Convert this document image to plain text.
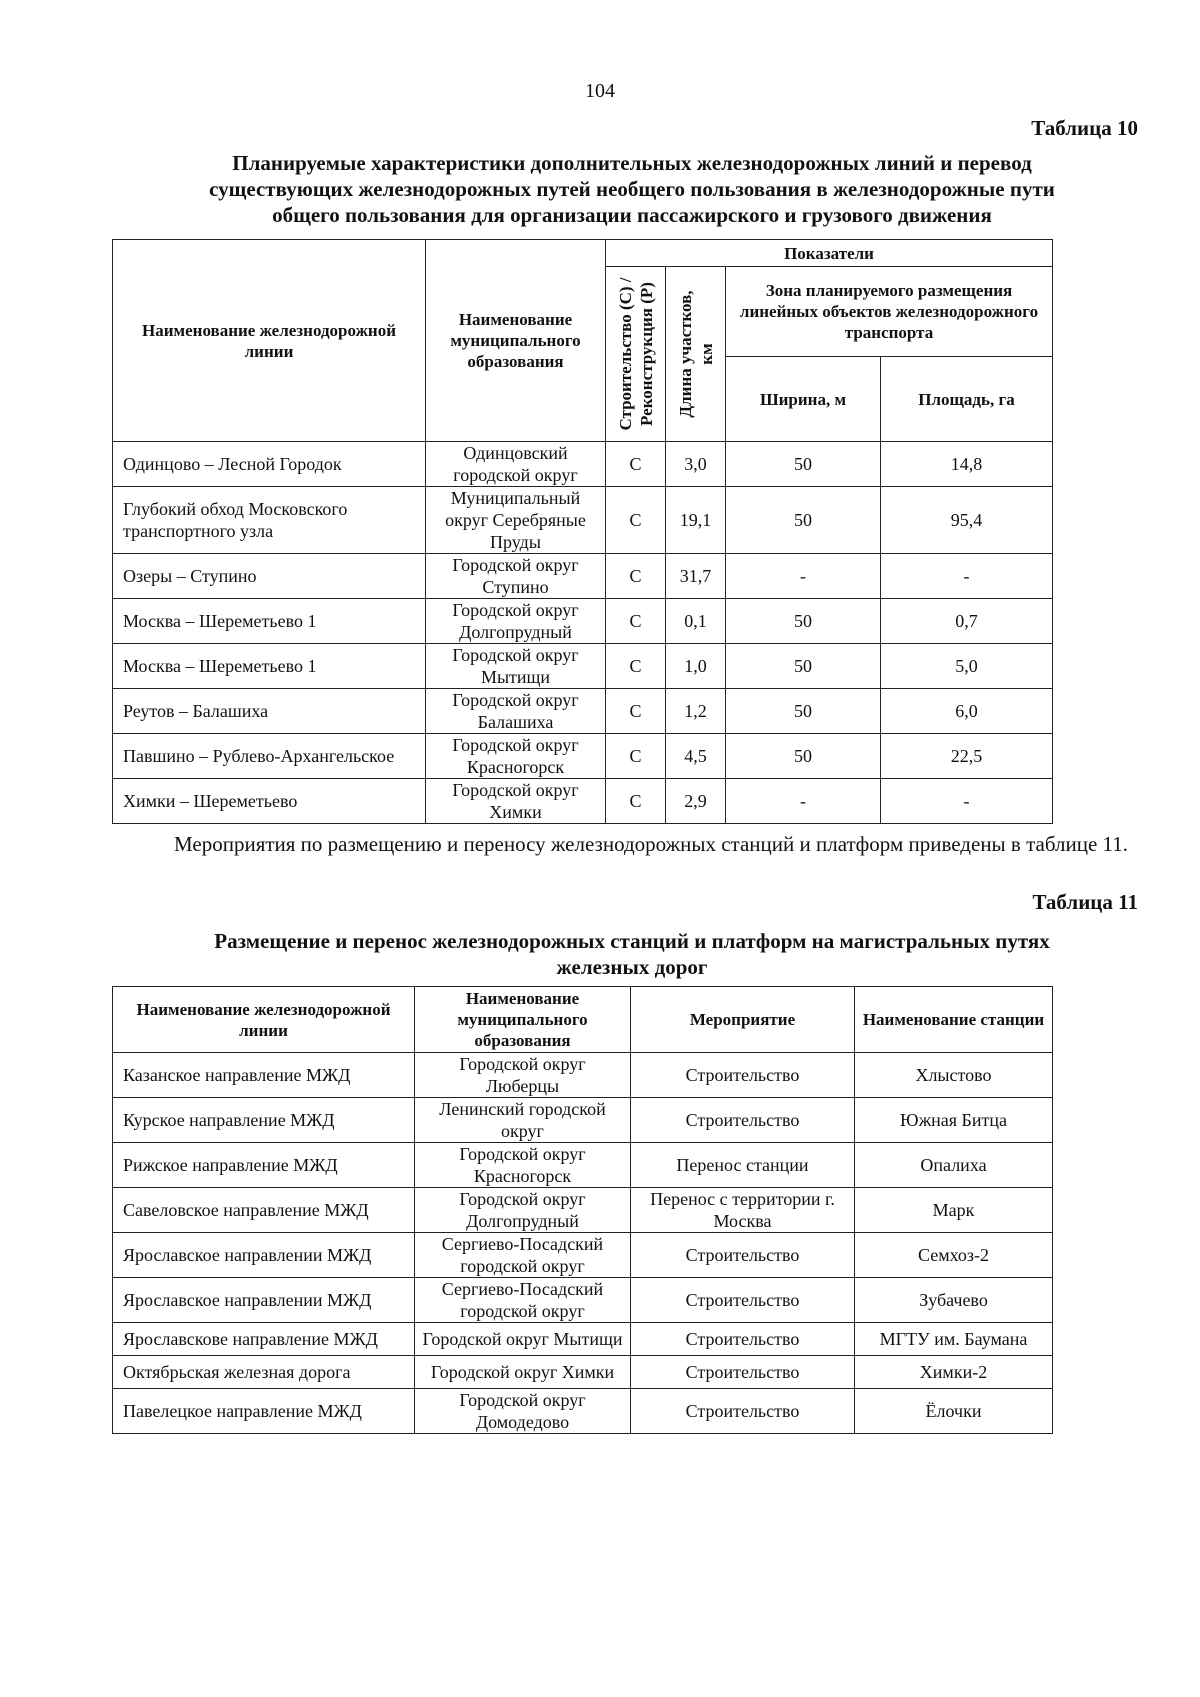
104
Таблица 10
Планируемые характеристики дополнительных железнодорожных линий и перевод
существующих железнодорожных путей необщего пользования в железнодорожные пути
общего пользования для организации пассажирского и грузового движения
Наименование железнодорожной линии	Наименование муниципального образования	Показатели			

		Строительство (С) / Реконструкция (Р)	Длина участков, км	Зона планируемого размещения линейных объектов железнодорожного транспорта	
				Ширина, м	Площадь, га
Одинцово – Лесной Городок	Одинцовский городской округ	С	3,0	50	14,8
Глубокий обход Московского транспортного узла	Муниципальный округ Серебряные Пруды	С	19,1	50	95,4
Озеры – Ступино	Городской округ Ступино	С	31,7	-	-
Москва – Шереметьево 1	Городской округ Долгопрудный	С	0,1	50	0,7
Москва – Шереметьево 1	Городской округ Мытищи	С	1,0	50	5,0
Реутов – Балашиха	Городской округ Балашиха	С	1,2	50	6,0
Павшино – Рублево-Архангельское	Городской округ Красногорск	С	4,5	50	22,5
Химки – Шереметьево	Городской округ Химки	С	2,9	-	-
Мероприятия по размещению и переносу железнодорожных станций и платформ приведены в таблице 11.
Таблица 11
Размещение и перенос железнодорожных станций и платформ на магистральных путях
железных дорог
Наименование железнодорожной линии	Наименование муниципального образования	Мероприятие	Наименование станции
Казанское направление МЖД	Городской округ Люберцы	Строительство	Хлыстово
Курское направление МЖД	Ленинский городской округ	Строительство	Южная Битца
Рижское направление МЖД	Городской округ Красногорск	Перенос станции	Опалиха
Савеловское направление МЖД	Городской округ Долгопрудный	Перенос с территории г. Москва	Марк
Ярославское направлении МЖД	Сергиево-Посадский городской округ	Строительство	Семхоз-2
Ярославское направлении МЖД	Сергиево-Посадский городской округ	Строительство	Зубачево
Ярославскове направление МЖД	Городской округ Мытищи	Строительство	МГТУ им. Баумана
Октябрьская железная дорога	Городской округ Химки	Строительство	Химки-2
Павелецкое направление МЖД	Городской округ Домодедово	Строительство	Ёлочки
